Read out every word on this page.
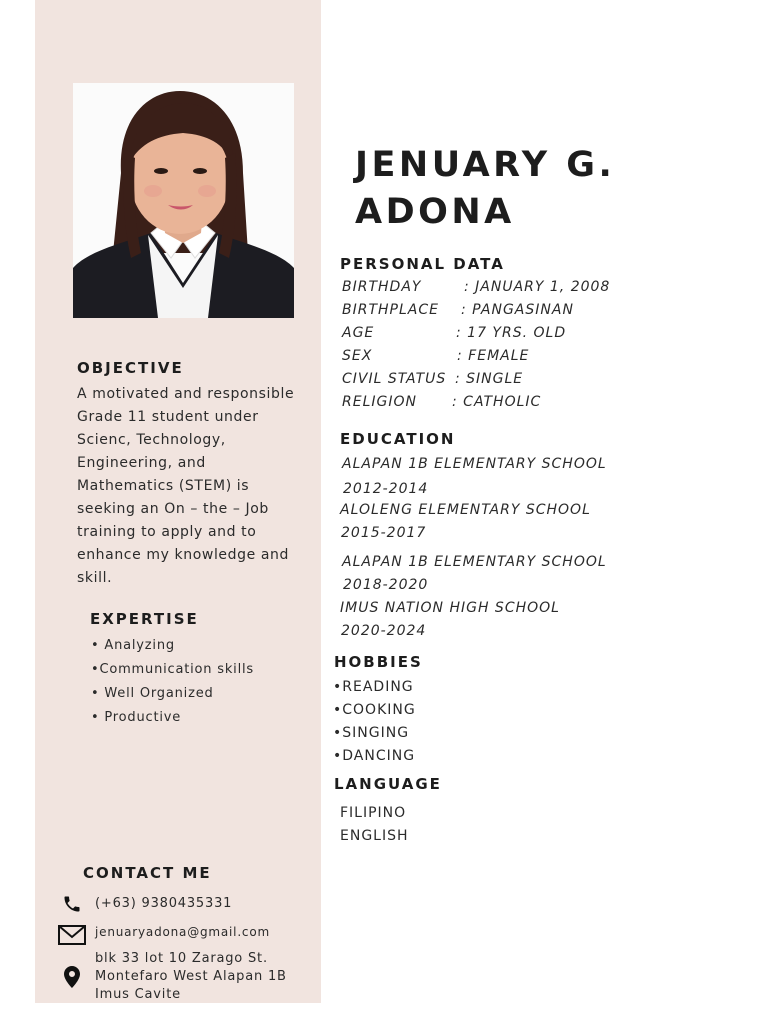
OBJECTIVE
A motivated and responsible
Grade 11 student under
Scienc, Technology,
Engineering, and
Mathematics (STEM) is
seeking an On – the – Job
training to apply and to
enhance my knowledge and
skill.
EXPERTISE
• Analyzing
•Communication skills
• Well Organized
• Productive
CONTACT ME
(+63) 9380435331
jenuaryadona@gmail.com
blk 33 lot 10 Zarago St.
Montefaro West Alapan 1B
Imus Cavite
JENUARY G.
ADONA
PERSONAL DATA
BIRTHDAY	: JANUARY 1, 2008
BIRTHPLACE : PANGASINAN
AGE	: 17 YRS. OLD
SEX	: FEMALE
CIVIL STATUS : SINGLE
RELIGION	: CATHOLIC
EDUCATION
ALAPAN 1B ELEMENTARY SCHOOL
2012-2014
ALOLENG ELEMENTARY SCHOOL
2015-2017
ALAPAN 1B ELEMENTARY SCHOOL
2018-2020
IMUS NATION HIGH SCHOOL
2020-2024
HOBBIES
•READING
•COOKING
•SINGING
•DANCING
LANGUAGE
FILIPINO
ENGLISH
